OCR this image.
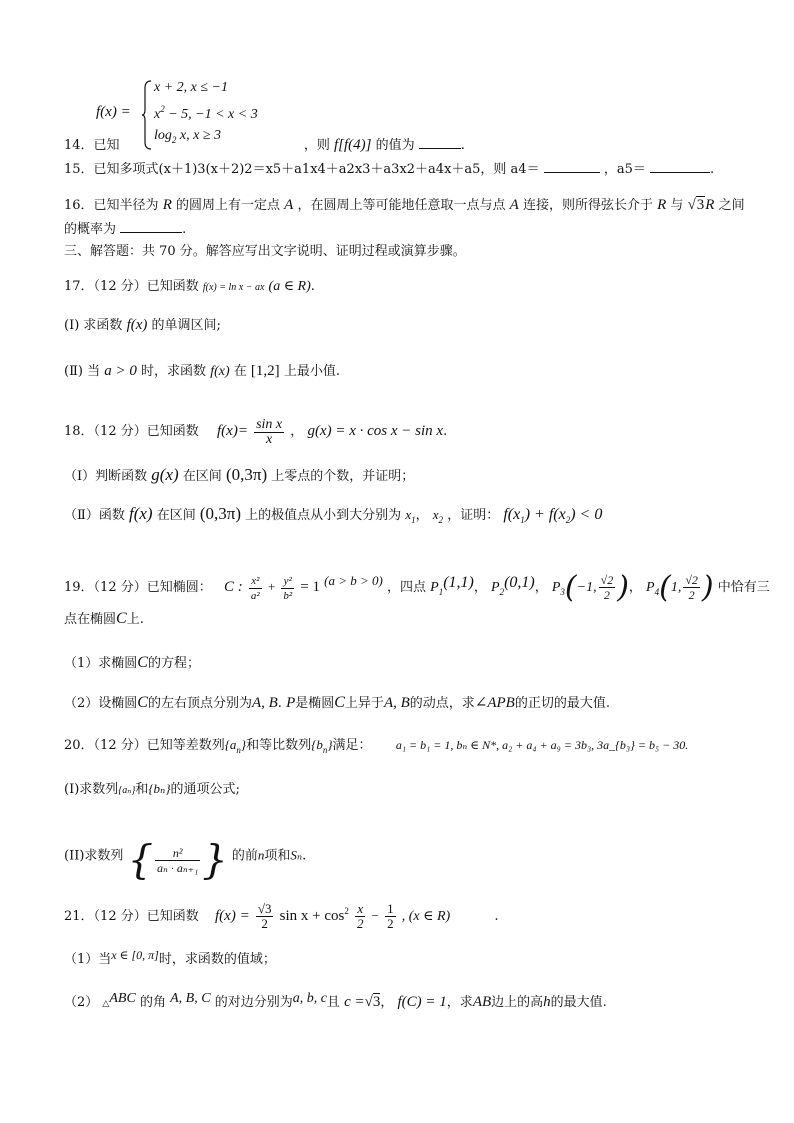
f(x) =
x + 2, x ≤ −1
$x^2 - 5$, −1 < x < 3
$\log_2 x$, x ≥ 3
14．已知	，则 f[f(4)] 的值为	.
15．已知多项式(x＋1)3(x＋2)2＝x5＋a1x4＋a2x3＋a3x2＋a4x＋a5，则 a4＝	，a5＝	.
16．已知半径为 R 的圆周上有一定点 A ，在圆周上等可能地任意取一点与点 A 连接，则所得弦长介于 R 与 √3R 之间
的概率为	.
三、解答题：共 70 分。解答应写出文字说明、证明过程或演算步骤。
17．（12 分）已知函数 f(x) = ln x − ax (a ∈ R).
(Ⅰ) 求函数 f(x) 的单调区间;
(Ⅱ) 当 a > 0 时，求函数 f(x) 在 [1,2] 上最小值.
18．（12 分）已知函数 $f(x)= \frac{\text{sin x}}{x}$ ， g(x) = x · cos x − sin x.
（Ⅰ）判断函数 g(x) 在区间 (0,3π) 上零点的个数，并证明；
（Ⅱ）函数 f(x) 在区间 (0,3π) 上的极值点从小到大分别为 $x_1$， $x_2$ ，证明： $f(x_1) + f(x_2) < 0$
19．（12 分）已知椭圆： C : $\frac{\text{x²}}{\text{a²}} + \frac{\text{y²}}{\text{b²}} = 1$ (a > b > 0) ，四点 $P_1(1,1)$， $P_2(0,1)$， $P_3(-1$, $\frac{√2}{2}$ )， $P_4(1$, $\frac{√2}{2}$ ) 中恰有三
点在椭圆C上.
（1）求椭圆C的方程；
（2）设椭圆C的左右顶点分别为A, B. P是椭圆C上异于A, B的动点，求∠APB的正切的最大值.
20．（12 分）已知等差数列$\{a_n\}$和等比数列$\{b_n\}$满足： a₁ = b₁ = 1, bₙ ∈ N*, a₂ + a₄ + a₉ = 3b₃, 3a_{b₃} = b₅ − 30.
(I)求数列{aₙ}和{bₙ}的通项公式;
(II)求数列 { $\frac{\text{n²}}{\text{aₙ · aₙ₊₁}}$ } 的前n项和Sₙ.
21．（12 分）已知函数 $f(x) = \frac{√3}{2}$ $\sin x + \cos^2 \frac{x}{2} - \frac{1}{2}$ , (x ∈ R)	.
（1）当x ∈ [0, π]时，求函数的值域；
（2） △ABC 的角 A, B, C 的对边分别为a, b, c且 c =√3， f(C) = 1，求AB边上的高h的最大值.
